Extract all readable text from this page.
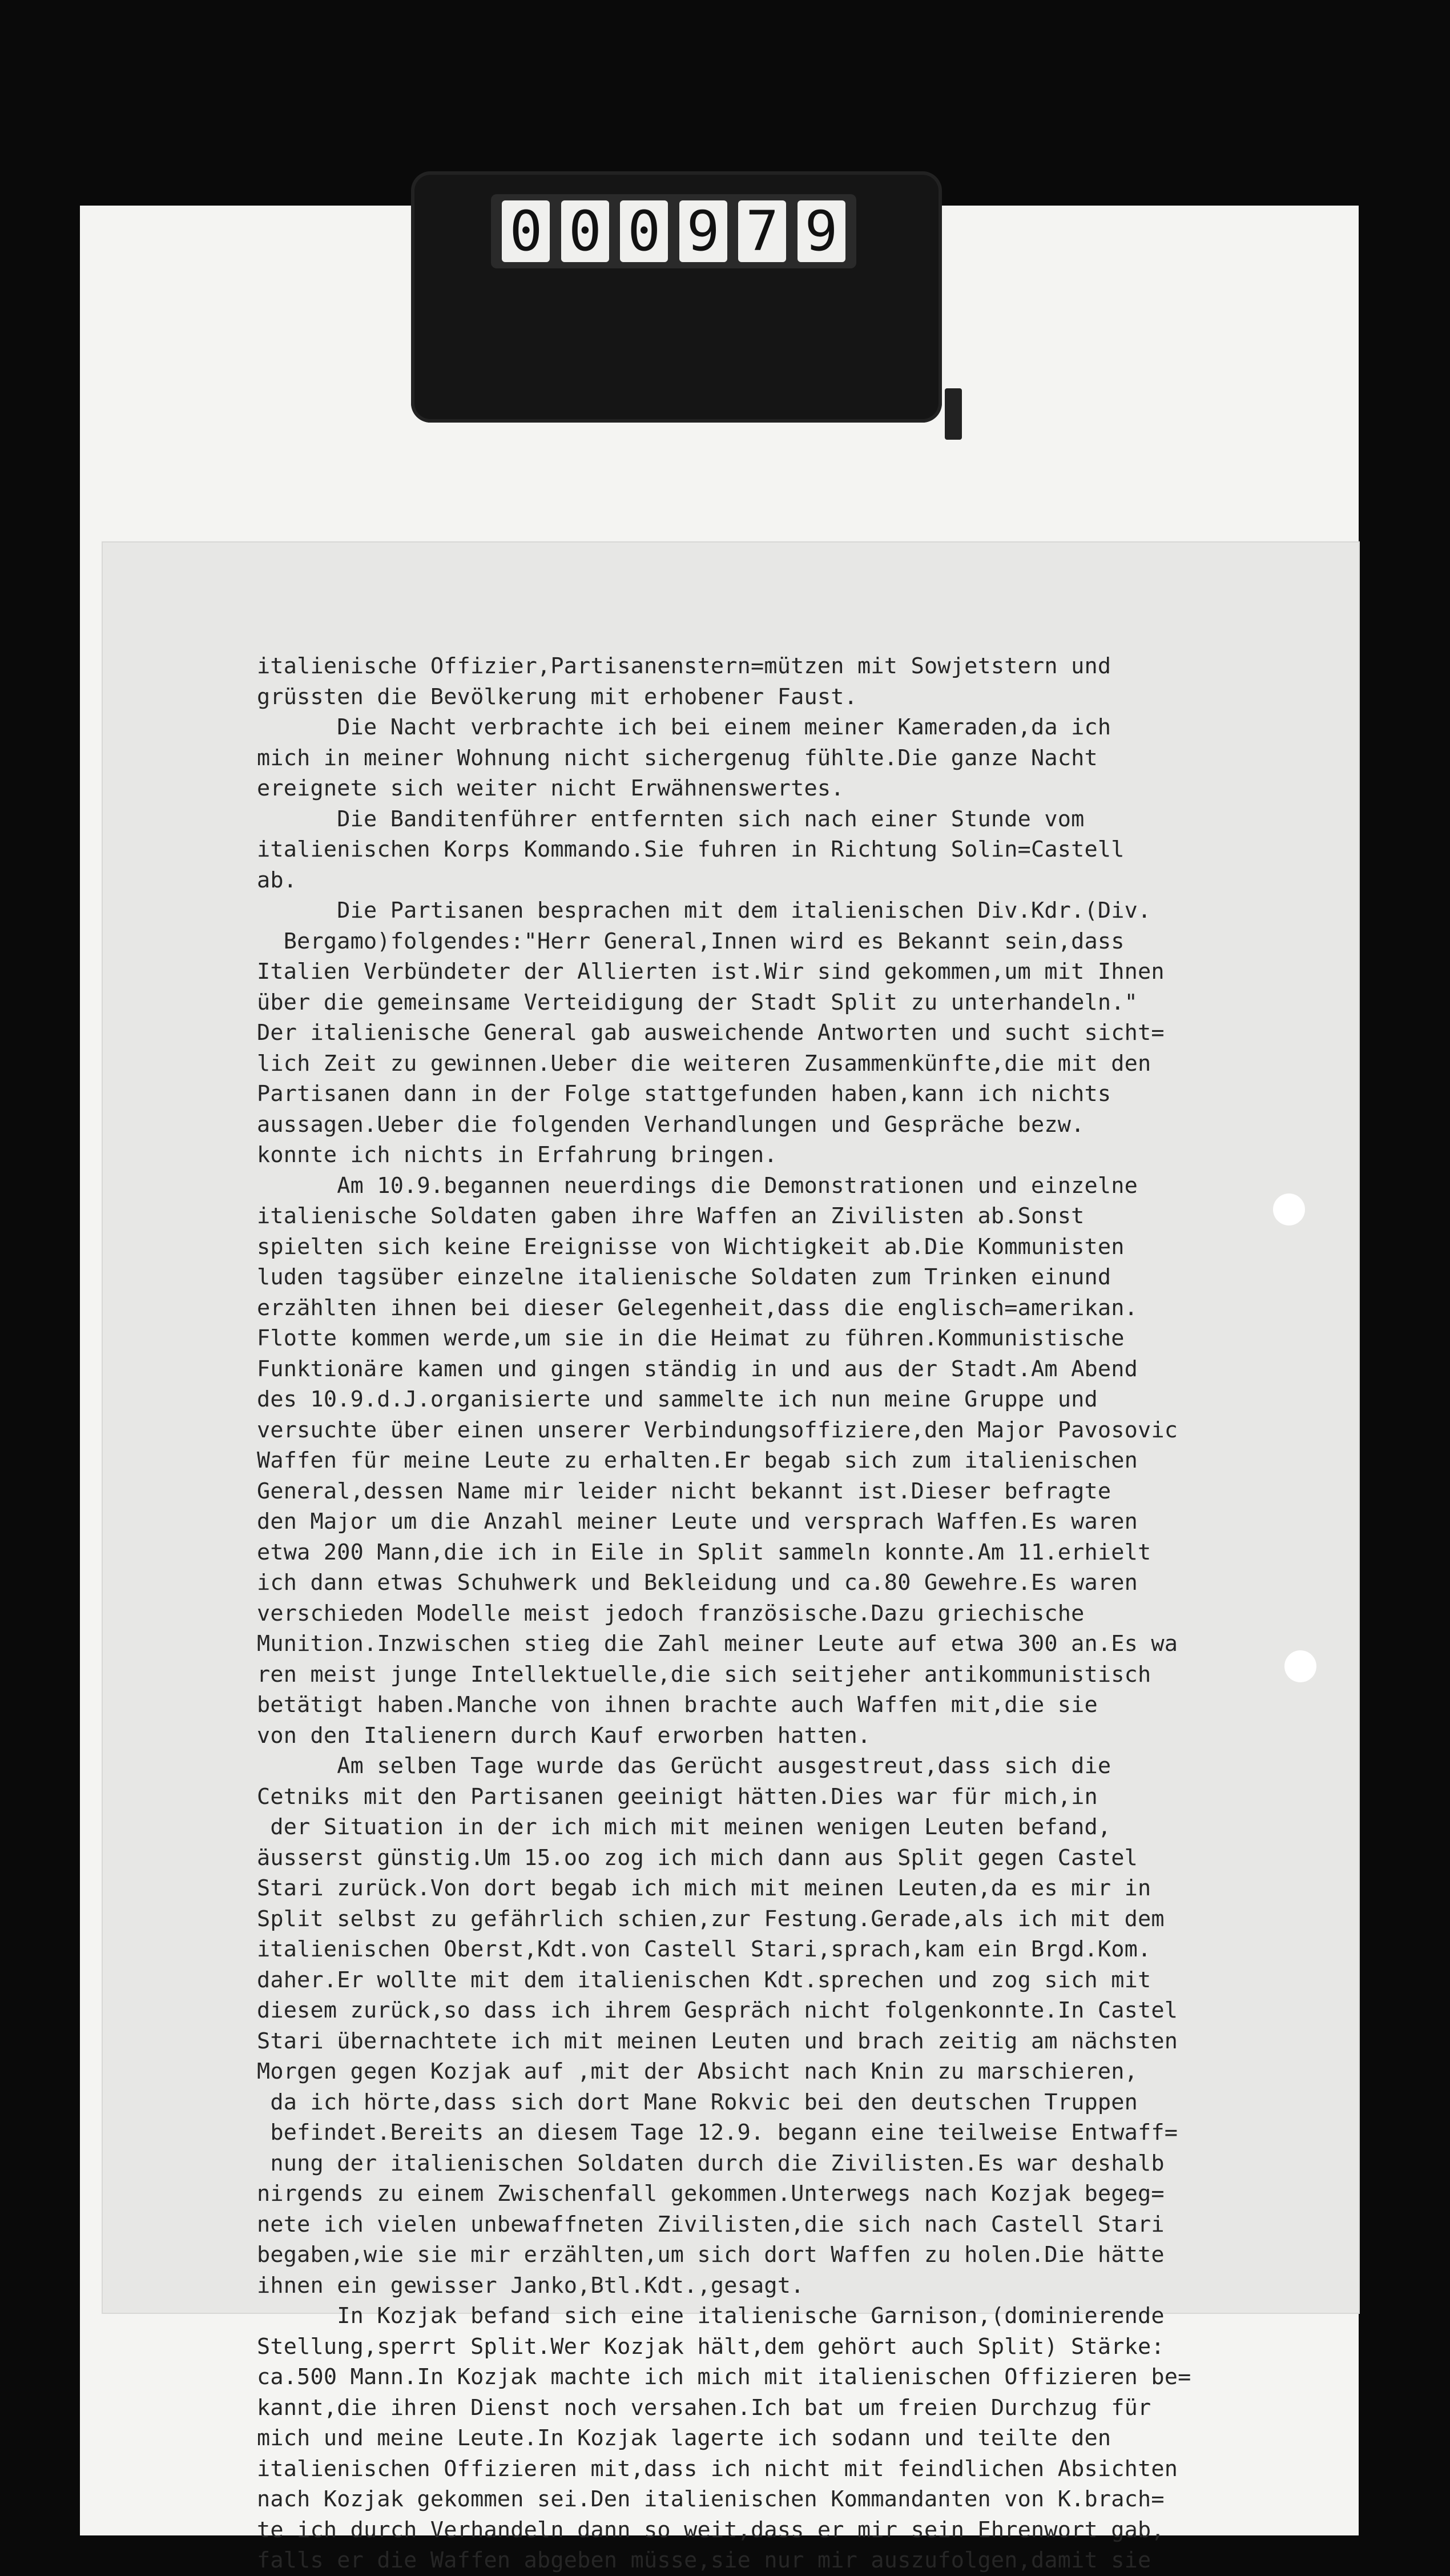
0 0 0 9 7 9
italienische Offizier,Partisanenstern=mützen mit Sowjetstern und
grüssten die Bevölkerung mit erhobener Faust.
Die Nacht verbrachte ich bei einem meiner Kameraden,da ich
mich in meiner Wohnung nicht sichergenug fühlte.Die ganze Nacht
ereignete sich weiter nicht Erwähnenswertes.
Die Banditenführer entfernten sich nach einer Stunde vom
italienischen Korps Kommando.Sie fuhren in Richtung Solin=Castell
ab.
Die Partisanen besprachen mit dem italienischen Div.Kdr.(Div.
Bergamo)folgendes:"Herr General,Innen wird es Bekannt sein,dass
Italien Verbündeter der Allierten ist.Wir sind gekommen,um mit Ihnen
über die gemeinsame Verteidigung der Stadt Split zu unterhandeln."
Der italienische General gab ausweichende Antworten und sucht sicht=
lich Zeit zu gewinnen.Ueber die weiteren Zusammenkünfte,die mit den
Partisanen dann in der Folge stattgefunden haben,kann ich nichts
aussagen.Ueber die folgenden Verhandlungen und Gespräche bezw.
konnte ich nichts in Erfahrung bringen.
Am 10.9.begannen neuerdings die Demonstrationen und einzelne
italienische Soldaten gaben ihre Waffen an Zivilisten ab.Sonst
spielten sich keine Ereignisse von Wichtigkeit ab.Die Kommunisten
luden tagsüber einzelne italienische Soldaten zum Trinken einund
erzählten ihnen bei dieser Gelegenheit,dass die englisch=amerikan.
Flotte kommen werde,um sie in die Heimat zu führen.Kommunistische
Funktionäre kamen und gingen ständig in und aus der Stadt.Am Abend
des 10.9.d.J.organisierte und sammelte ich nun meine Gruppe und
versuchte über einen unserer Verbindungsoffiziere,den Major Pavosovic
Waffen für meine Leute zu erhalten.Er begab sich zum italienischen
General,dessen Name mir leider nicht bekannt ist.Dieser befragte
den Major um die Anzahl meiner Leute und versprach Waffen.Es waren
etwa 200 Mann,die ich in Eile in Split sammeln konnte.Am 11.erhielt
ich dann etwas Schuhwerk und Bekleidung und ca.80 Gewehre.Es waren
verschieden Modelle meist jedoch französische.Dazu griechische
Munition.Inzwischen stieg die Zahl meiner Leute auf etwa 300 an.Es wa
ren meist junge Intellektuelle,die sich seitjeher antikommunistisch
betätigt haben.Manche von ihnen brachte auch Waffen mit,die sie
von den Italienern durch Kauf erworben hatten.
Am selben Tage wurde das Gerücht ausgestreut,dass sich die
Cetniks mit den Partisanen geeinigt hätten.Dies war für mich,in
der Situation in der ich mich mit meinen wenigen Leuten befand,
äusserst günstig.Um 15.oo zog ich mich dann aus Split gegen Castel
Stari zurück.Von dort begab ich mich mit meinen Leuten,da es mir in
Split selbst zu gefährlich schien,zur Festung.Gerade,als ich mit dem
italienischen Oberst,Kdt.von Castell Stari,sprach,kam ein Brgd.Kom.
daher.Er wollte mit dem italienischen Kdt.sprechen und zog sich mit
diesem zurück,so dass ich ihrem Gespräch nicht folgenkonnte.In Castel
Stari übernachtete ich mit meinen Leuten und brach zeitig am nächsten
Morgen gegen Kozjak auf ,mit der Absicht nach Knin zu marschieren,
da ich hörte,dass sich dort Mane Rokvic bei den deutschen Truppen
befindet.Bereits an diesem Tage 12.9. begann eine teilweise Entwaff=
nung der italienischen Soldaten durch die Zivilisten.Es war deshalb
nirgends zu einem Zwischenfall gekommen.Unterwegs nach Kozjak begeg=
nete ich vielen unbewaffneten Zivilisten,die sich nach Castell Stari
begaben,wie sie mir erzählten,um sich dort Waffen zu holen.Die hätte
ihnen ein gewisser Janko,Btl.Kdt.,gesagt.
In Kozjak befand sich eine italienische Garnison,(dominierende
Stellung,sperrt Split.Wer Kozjak hält,dem gehört auch Split) Stärke:
ca.500 Mann.In Kozjak machte ich mich mit italienischen Offizieren be=
kannt,die ihren Dienst noch versahen.Ich bat um freien Durchzug für
mich und meine Leute.In Kozjak lagerte ich sodann und teilte den
italienischen Offizieren mit,dass ich nicht mit feindlichen Absichten
nach Kozjak gekommen sei.Den italienischen Kommandanten von K.brach=
te ich durch Verhandeln dann so weit,dass er mir sein Ehrenwort gab,
falls er die Waffen abgeben müsse,sie nur mir auszufolgen,damit sie
